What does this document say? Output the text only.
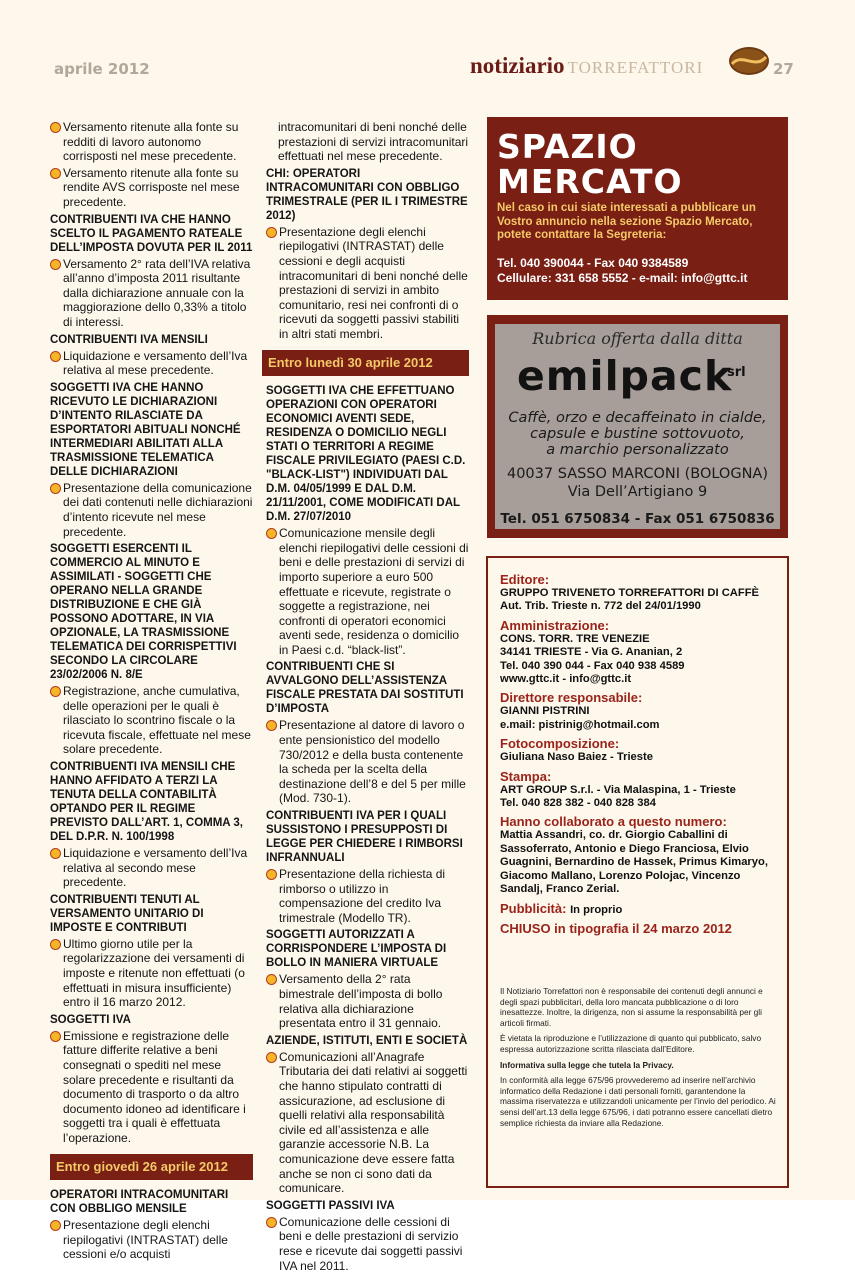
aprile 2012	notiziario TORREFATTORI	27
Versamento ritenute alla fonte su redditi di lavoro autonomo corrisposti nel mese precedente.
Versamento ritenute alla fonte su rendite AVS corrisposte nel mese precedente.
CONTRIBUENTI IVA CHE HANNO SCELTO IL PAGAMENTO RATEALE DELL’IMPOSTA DOVUTA PER IL 2011
Versamento 2° rata dell’IVA relativa all’anno d’imposta 2011 risultante dalla dichiarazione annuale con la maggiorazione dello 0,33% a titolo di interessi.
CONTRIBUENTI IVA MENSILI
Liquidazione e versamento dell’Iva relativa al mese precedente.
SOGGETTI IVA CHE HANNO RICEVUTO LE DICHIARAZIONI D’INTENTO RILASCIATE DA ESPORTATORI ABITUALI NONCHÉ INTERMEDIARI ABILITATI ALLA TRASMISSIONE TELEMATICA DELLE DICHIARAZIONI
Presentazione della comunicazione dei dati contenuti nelle dichiarazioni d’intento ricevute nel mese precedente.
SOGGETTI ESERCENTI IL COMMERCIO AL MINUTO E ASSIMILATI - SOGGETTI CHE OPERANO NELLA GRANDE DISTRIBUZIONE E CHE GIÀ POSSONO ADOTTARE, IN VIA OPZIONALE, LA TRASMISSIONE TELEMATICA DEI CORRISPETTIVI SECONDO LA CIRCOLARE 23/02/2006 N. 8/E
Registrazione, anche cumulativa, delle operazioni per le quali è rilasciato lo scontrino fiscale o la ricevuta fiscale, effettuate nel mese solare precedente.
CONTRIBUENTI IVA MENSILI CHE HANNO AFFIDATO A TERZI LA TENUTA DELLA CONTABILITÀ OPTANDO PER IL REGIME PREVISTO DALL’ART. 1, COMMA 3, DEL D.P.R. N. 100/1998
Liquidazione e versamento dell’Iva relativa al secondo mese precedente.
CONTRIBUENTI TENUTI AL VERSAMENTO UNITARIO DI IMPOSTE E CONTRIBUTI
Ultimo giorno utile per la regolarizzazione dei versamenti di imposte e ritenute non effettuati (o effettuati in misura insufficiente) entro il 16 marzo 2012.
SOGGETTI IVA
Emissione e registrazione delle fatture differite relative a beni consegnati o spediti nel mese solare precedente e risultanti da documento di trasporto o da altro documento idoneo ad identificare i soggetti tra i quali è effettuata l’operazione.
Entro giovedì 26 aprile 2012
OPERATORI INTRACOMUNITARI CON OBBLIGO MENSILE
Presentazione degli elenchi riepilogativi (INTRASTAT) delle cessioni e/o acquisti
intracomunitari di beni nonché delle prestazioni di servizi intracomunitari effettuati nel mese precedente.
CHI: OPERATORI INTRACOMUNITARI CON OBBLIGO TRIMESTRALE (PER IL I TRIMESTRE 2012)
Presentazione degli elenchi riepilogativi (INTRASTAT) delle cessioni e degli acquisti intracomunitari di beni nonché delle prestazioni di servizi in ambito comunitario, resi nei confronti di o ricevuti da soggetti passivi stabiliti in altri stati membri.
Entro lunedì 30 aprile 2012
SOGGETTI IVA CHE EFFETTUANO OPERAZIONI CON OPERATORI ECONOMICI AVENTI SEDE, RESIDENZA O DOMICILIO NEGLI STATI O TERRITORI A REGIME FISCALE PRIVILEGIATO (PAESI C.D. "BLACK-LIST") INDIVIDUATI DAL D.M. 04/05/1999 E DAL D.M. 21/11/2001, COME MODIFICATI DAL D.M. 27/07/2010
Comunicazione mensile degli elenchi riepilogativi delle cessioni di beni e delle prestazioni di servizi di importo superiore a euro 500 effettuate e ricevute, registrate o soggette a registrazione, nei confronti di operatori economici aventi sede, residenza o domicilio in Paesi c.d. “black-list”.
CONTRIBUENTI CHE SI AVVALGONO DELL’ASSISTENZA FISCALE PRESTATA DAI SOSTITUTI D’IMPOSTA
Presentazione al datore di lavoro o ente pensionistico del modello 730/2012 e della busta contenente la scheda per la scelta della destinazione dell’8 e del 5 per mille (Mod. 730-1).
CONTRIBUENTI IVA PER I QUALI SUSSISTONO I PRESUPPOSTI DI LEGGE PER CHIEDERE I RIMBORSI INFRANNUALI
Presentazione della richiesta di rimborso o utilizzo in compensazione del credito Iva trimestrale (Modello TR).
SOGGETTI AUTORIZZATI A CORRISPONDERE L’IMPOSTA DI BOLLO IN MANIERA VIRTUALE
Versamento della 2° rata bimestrale dell’imposta di bollo relativa alla dichiarazione presentata entro il 31 gennaio.
AZIENDE, ISTITUTI, ENTI E SOCIETÀ
Comunicazioni all’Anagrafe Tributaria dei dati relativi ai soggetti che hanno stipulato contratti di assicurazione, ad esclusione di quelli relativi alla responsabilità civile ed all’assistenza e alle garanzie accessorie N.B. La comunicazione deve essere fatta anche se non ci sono dati da comunicare.
SOGGETTI PASSIVI IVA
Comunicazione delle cessioni di beni e delle prestazioni di servizio rese e ricevute dai soggetti passivi IVA nel 2011.
SPAZIO
MERCATO
Nel caso in cui siate interessati a pubblicare un Vostro annuncio nella sezione Spazio Mercato, potete contattare la Segreteria:
Tel. 040 390044 - Fax 040 9384589
Cellulare: 331 658 5552 - e-mail: info@gttc.it
Rubrica offerta dalla ditta
emilpack
srl
Caffè, orzo e decaffeinato in cialde,
capsule e bustine sottovuoto,
a marchio personalizzato
40037 SASSO MARCONI (BOLOGNA)
Via Dell’Artigiano 9
Tel. 051 6750834 - Fax 051 6750836
Editore:
GRUPPO TRIVENETO TORREFATTORI DI CAFFÈ
Aut. Trib. Trieste n. 772 del 24/01/1990
Amministrazione:
CONS. TORR. TRE VENEZIE
34141 TRIESTE - Via G. Ananian, 2
Tel. 040 390 044 - Fax 040 938 4589
www.gttc.it - info@gttc.it
Direttore responsabile:
GIANNI PISTRINI
e.mail: pistrinig@hotmail.com
Fotocomposizione:
Giuliana Naso Baiez - Trieste
Stampa:
ART GROUP S.r.l. - Via Malaspina, 1 - Trieste
Tel. 040 828 382 - 040 828 384
Hanno collaborato a questo numero:
Mattia Assandri, co. dr. Giorgio Caballini di Sassoferrato, Antonio e Diego Franciosa, Elvio Guagnini, Bernardino de Hassek, Primus Kimaryo, Giacomo Mallano, Lorenzo Polojac, Vincenzo Sandalj, Franco Zerial.
Pubblicità: In proprio
CHIUSO in tipografia il 24 marzo 2012

Il Notiziario Torrefattori non è responsabile dei contenuti degli annunci e degli spazi pubblicitari, della loro mancata pubblicazione o di loro inesattezze. Inoltre, la dirigenza, non si assume la responsabilità per gli articoli firmati.

È vietata la riproduzione e l’utilizzazione di quanto qui pubblicato, salvo espressa autorizzazione scritta rilasciata dall’Editore.

Informativa sulla legge che tutela la Privacy.

In conformità alla legge 675/96 provvederemo ad inserire nell’archivio informatico della Redazione i dati personali forniti, garantendone la massima riservatezza e utilizzandoli unicamente per l’invio del periodico. Ai sensi dell’art.13 della legge 675/96, i dati potranno essere cancellati dietro semplice richiesta da inviare alla Redazione.
